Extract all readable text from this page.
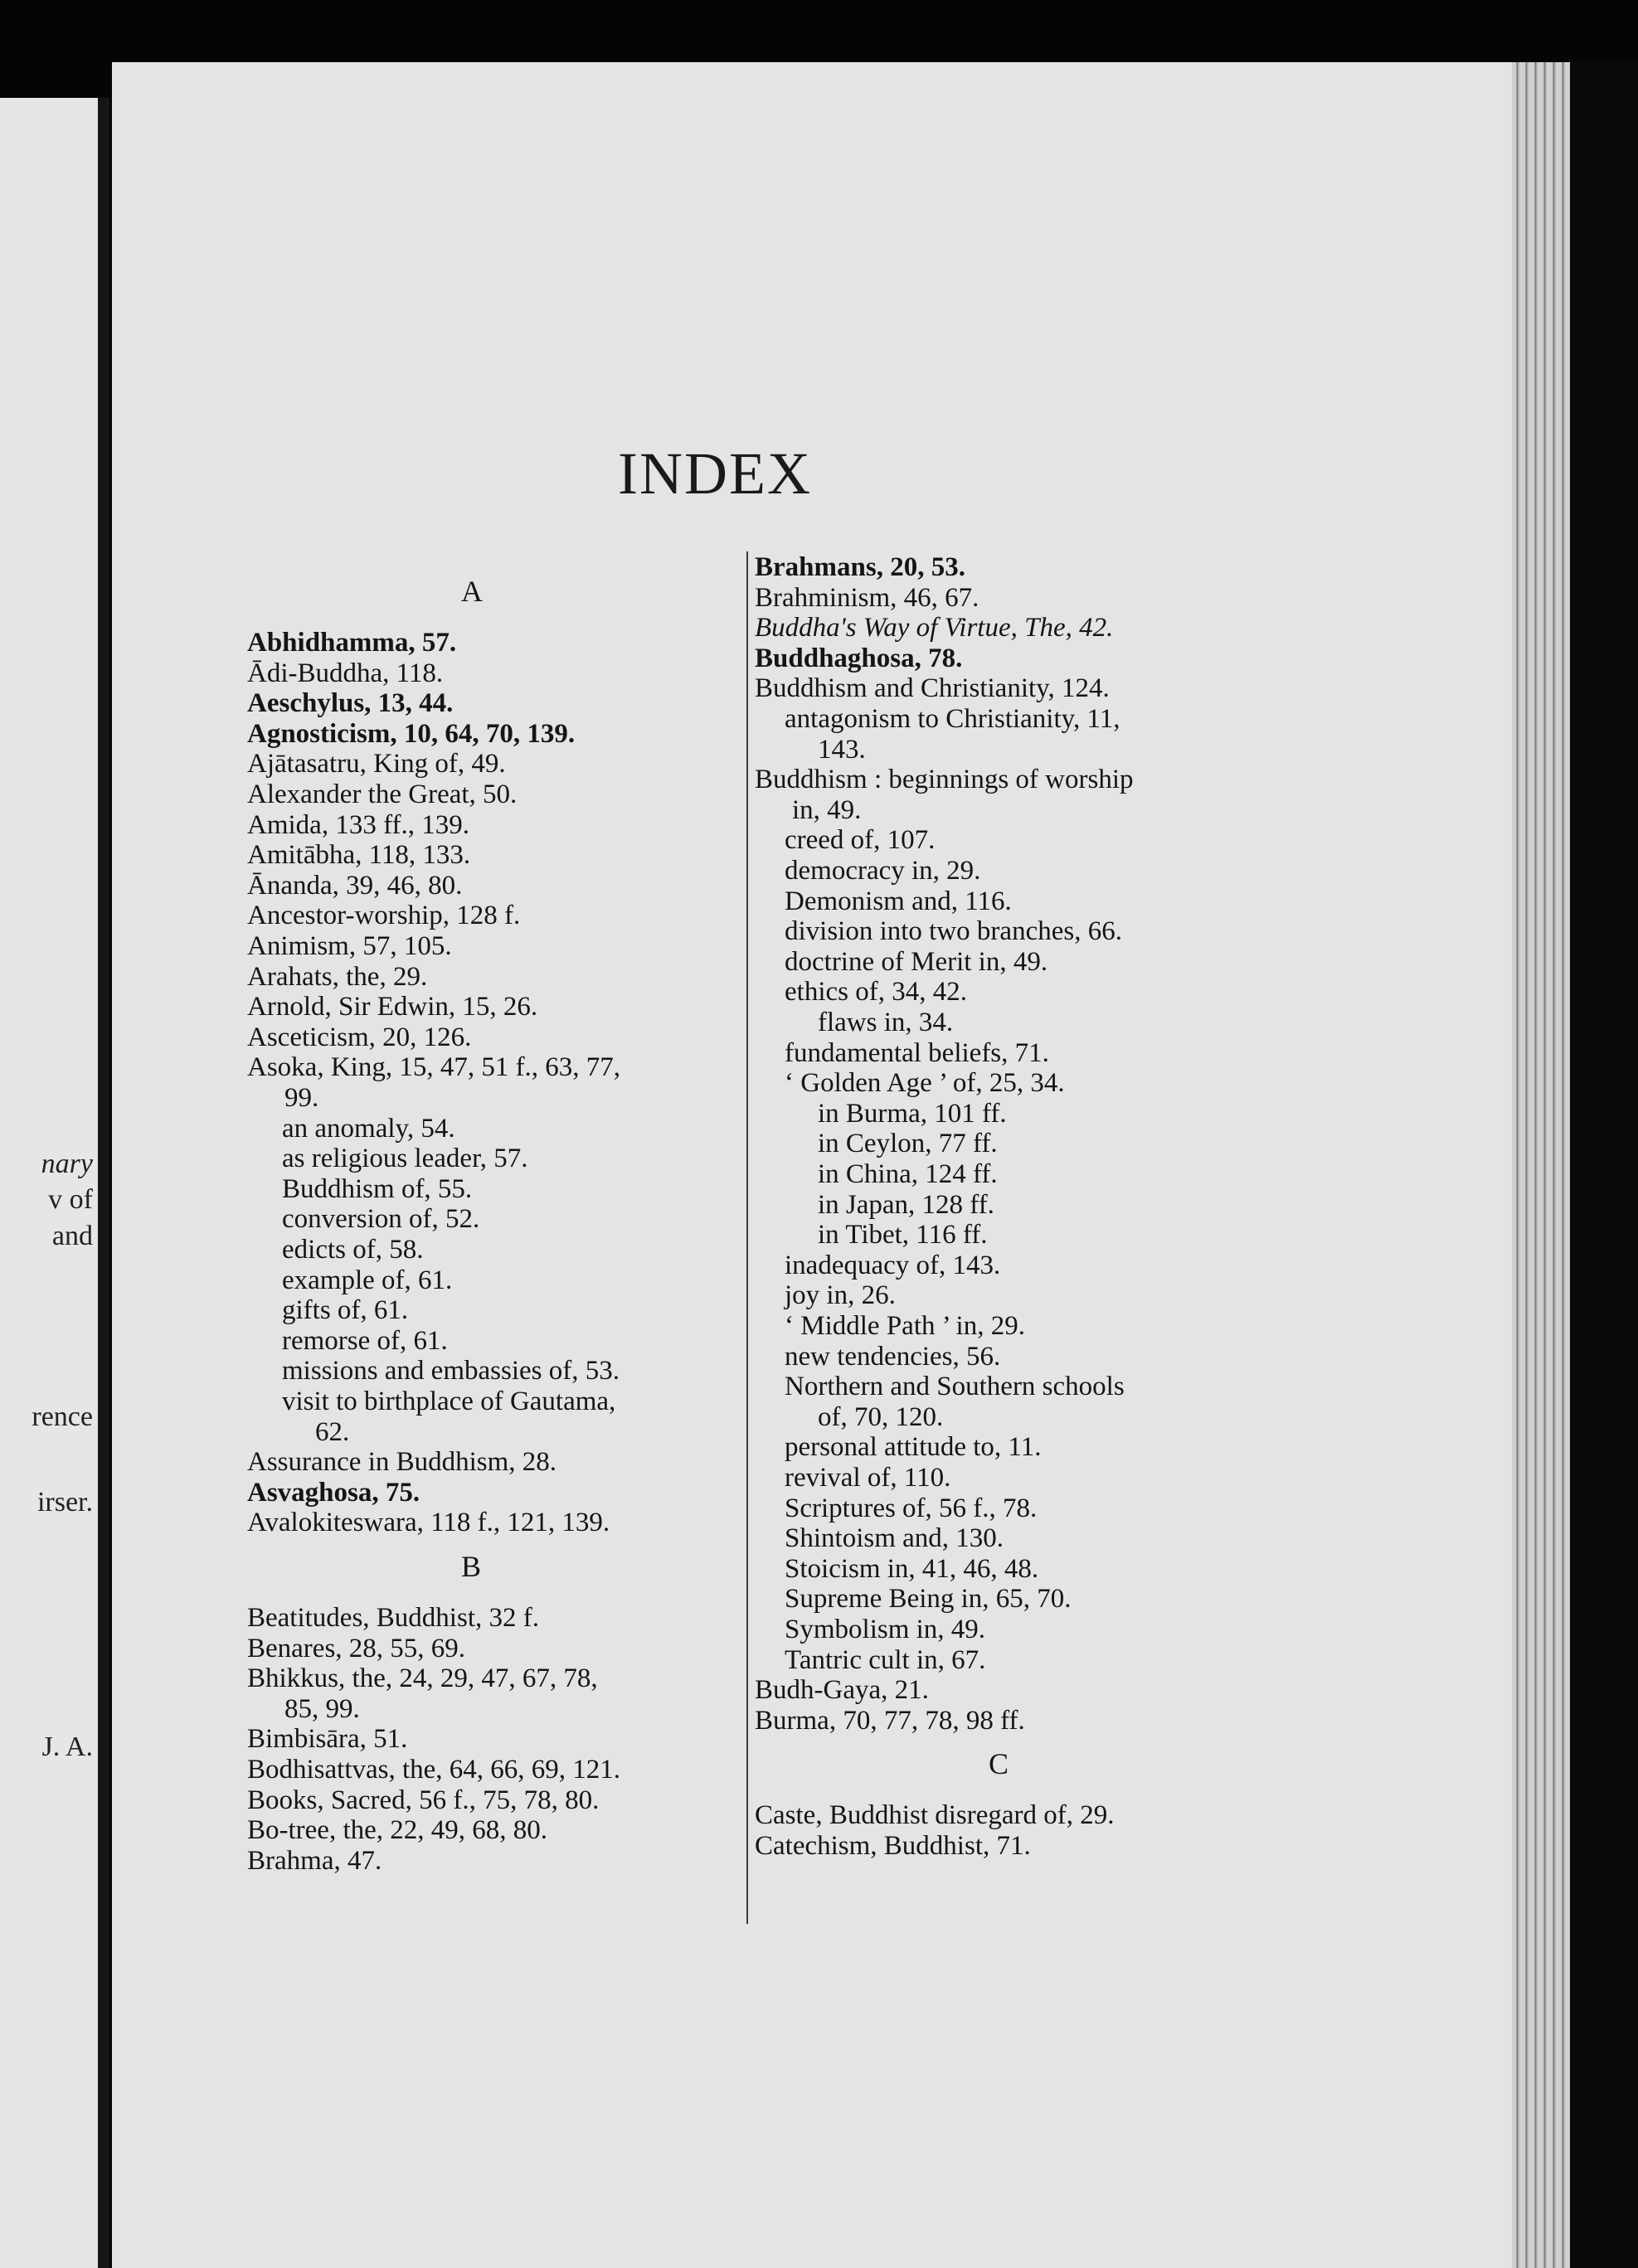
nary
v of
and
rence
irser.
J. A.
INDEX
A
Abhidhamma, 57.
Ādi-Buddha, 118.
Aeschylus, 13, 44.
Agnosticism, 10, 64, 70, 139.
Ajātasatru, King of, 49.
Alexander the Great, 50.
Amida, 133 ff., 139.
Amitābha, 118, 133.
Ānanda, 39, 46, 80.
Ancestor-worship, 128 f.
Animism, 57, 105.
Arahats, the, 29.
Arnold, Sir Edwin, 15, 26.
Asceticism, 20, 126.
Asoka, King, 15, 47, 51 f., 63, 77,
99.
an anomaly, 54.
as religious leader, 57.
Buddhism of, 55.
conversion of, 52.
edicts of, 58.
example of, 61.
gifts of, 61.
remorse of, 61.
missions and embassies of, 53.
visit to birthplace of Gautama,
62.
Assurance in Buddhism, 28.
Asvaghosa, 75.
Avalokiteswara, 118 f., 121, 139.
B
Beatitudes, Buddhist, 32 f.
Benares, 28, 55, 69.
Bhikkus, the, 24, 29, 47, 67, 78,
85, 99.
Bimbisāra, 51.
Bodhisattvas, the, 64, 66, 69, 121.
Books, Sacred, 56 f., 75, 78, 80.
Bo-tree, the, 22, 49, 68, 80.
Brahma, 47.
Brahmans, 20, 53.
Brahminism, 46, 67.
Buddha's Way of Virtue, The, 42.
Buddhaghosa, 78.
Buddhism and Christianity, 124.
antagonism to Christianity, 11,
143.
Buddhism : beginnings of worship
in, 49.
creed of, 107.
democracy in, 29.
Demonism and, 116.
division into two branches, 66.
doctrine of Merit in, 49.
ethics of, 34, 42.
flaws in, 34.
fundamental beliefs, 71.
‘ Golden Age ’ of, 25, 34.
in Burma, 101 ff.
in Ceylon, 77 ff.
in China, 124 ff.
in Japan, 128 ff.
in Tibet, 116 ff.
inadequacy of, 143.
joy in, 26.
‘ Middle Path ’ in, 29.
new tendencies, 56.
Northern and Southern schools
of, 70, 120.
personal attitude to, 11.
revival of, 110.
Scriptures of, 56 f., 78.
Shintoism and, 130.
Stoicism in, 41, 46, 48.
Supreme Being in, 65, 70.
Symbolism in, 49.
Tantric cult in, 67.
Budh-Gaya, 21.
Burma, 70, 77, 78, 98 ff.
C
Caste, Buddhist disregard of, 29.
Catechism, Buddhist, 71.
